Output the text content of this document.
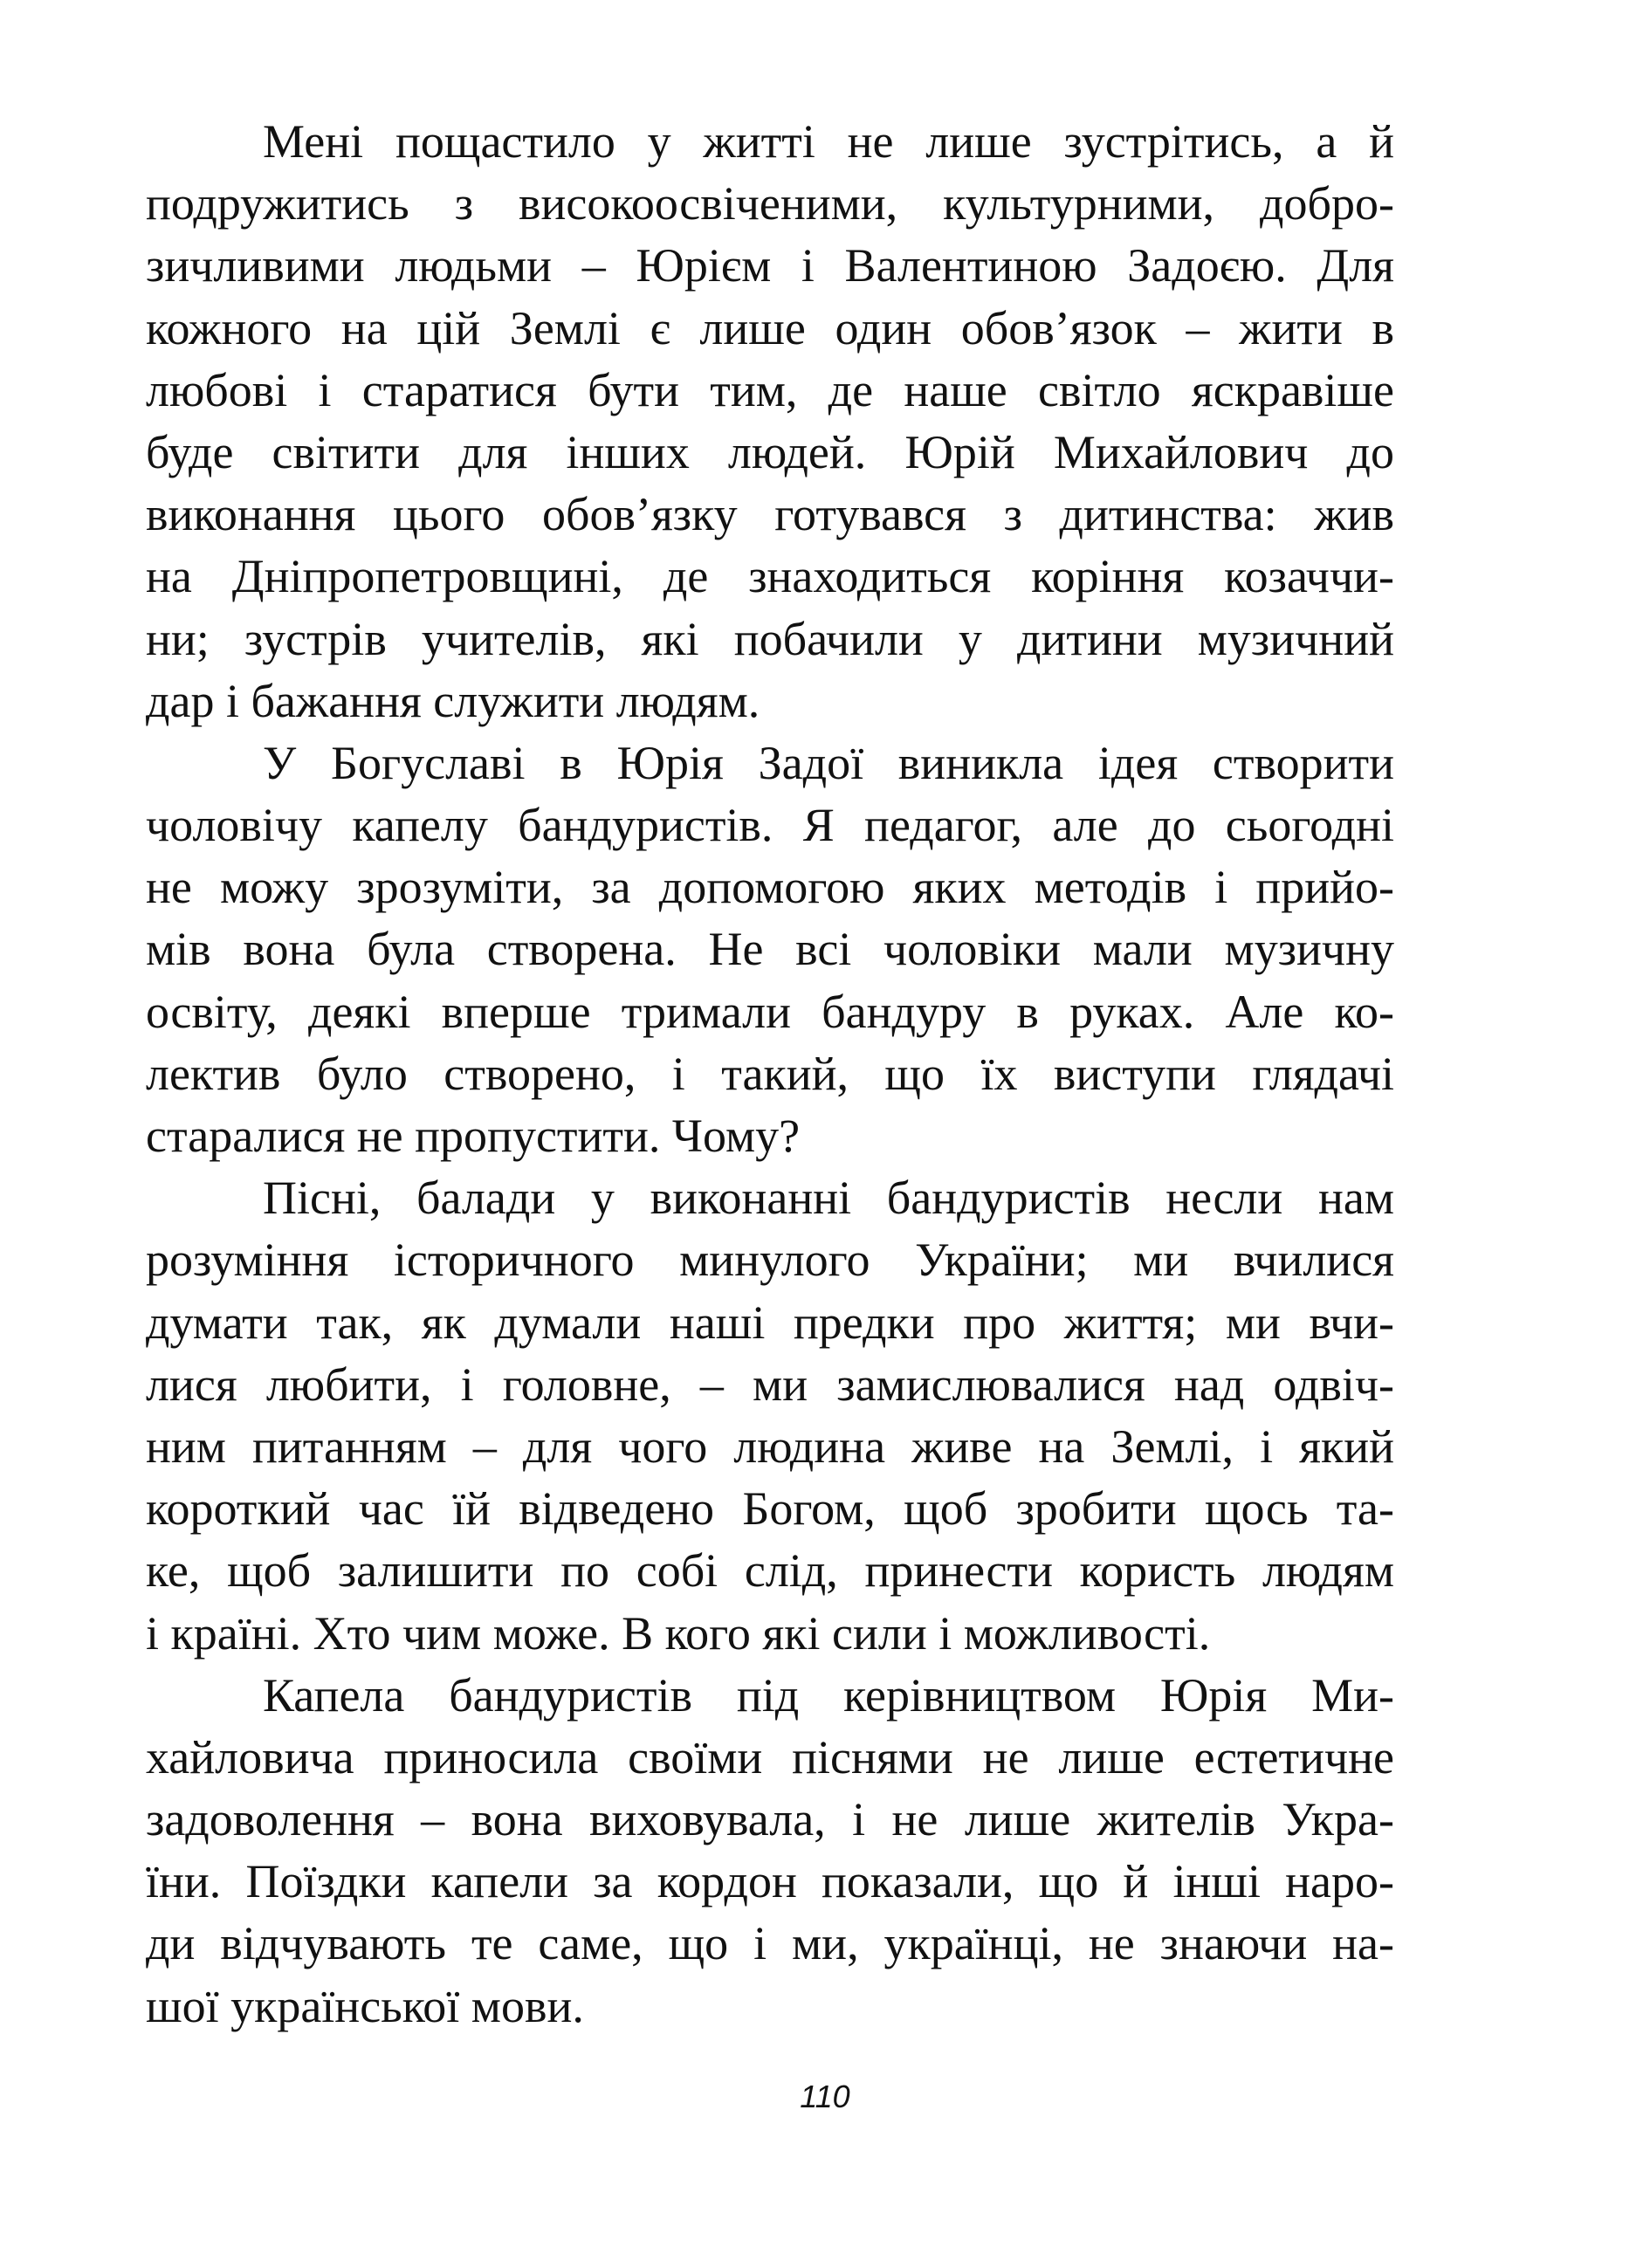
Мені пощастило у житті не лише зустрітись, а й
подружитись з високоосвіченими, культурними, добро-
зичливими людьми – Юрієм і Валентиною Задоєю. Для
кожного на цій Землі є лише один обов’язок – жити в
любові і старатися бути тим, де наше світло яскравіше
буде світити для інших людей. Юрій Михайлович до
виконання цього обов’язку готувався з дитинства: жив
на Дніпропетровщині, де знаходиться коріння козаччи-
ни; зустрів учителів, які побачили у дитини музичний
дар і бажання служити людям.
У Богуславі в Юрія Задої виникла ідея створити
чоловічу капелу бандуристів. Я педагог, але до сьогодні
не можу зрозуміти, за допомогою яких методів і прийо-
мів вона була створена. Не всі чоловіки мали музичну
освіту, деякі вперше тримали бандуру в руках. Але ко-
лектив було створено, і такий, що їх виступи глядачі
старалися не пропустити. Чому?
Пісні, балади у виконанні бандуристів несли нам
розуміння історичного минулого України; ми вчилися
думати так, як думали наші предки про життя; ми вчи-
лися любити, і головне, – ми замислювалися над одвіч-
ним питанням – для чого людина живе на Землі, і який
короткий час їй відведено Богом, щоб зробити щось та-
ке, щоб залишити по собі слід, принести користь людям
і країні. Хто чим може. В кого які сили і можливості.
Капела бандуристів під керівництвом Юрія Ми-
хайловича приносила своїми піснями не лише естетичне
задоволення – вона виховувала, і не лише жителів Укра-
їни. Поїздки капели за кордон показали, що й інші наро-
ди відчувають те саме, що і ми, українці, не знаючи на-
шої української мови.
110
